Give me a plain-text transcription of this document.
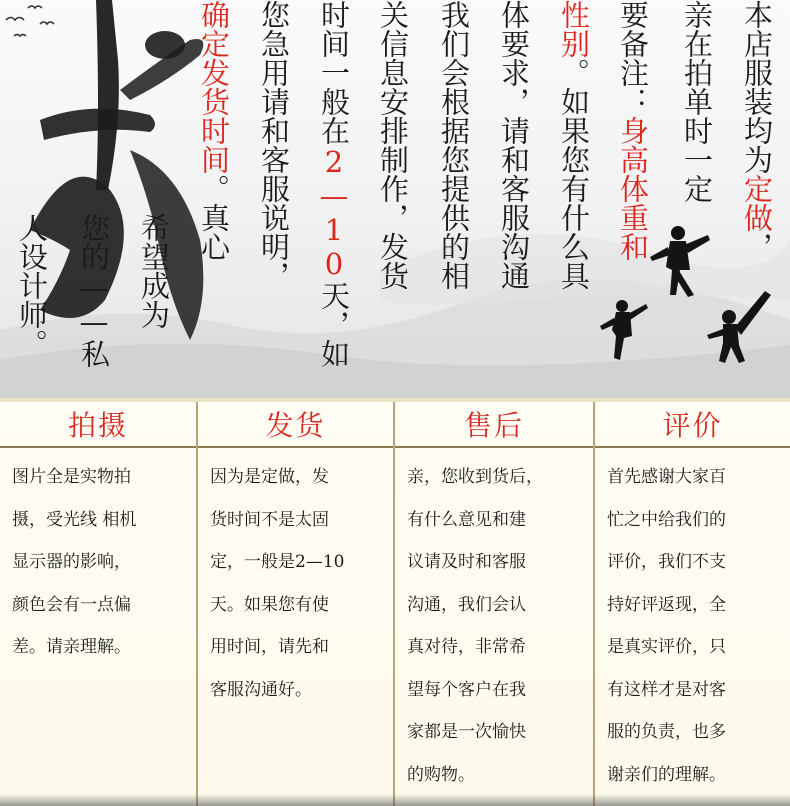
本店服装均为定做，
亲在拍单时一定
要备注：身高体重和
性别。如果您有什么具
体要求，请和客服沟通
我们会根据您提供的相
关信息安排制作，发货
时间一般在2—10天，如
您急用请和客服说明，
确定发货时间。真心
希望成为
您的——私
人设计师。
拍摄
图片全是实物拍
摄，受光线 相机
显示器的影响，
颜色会有一点偏
差。请亲理解。
发货
因为是定做，发
货时间不是太固
定，一般是2—10
天。如果您有使
用时间，请先和
客服沟通好。
售后
亲，您收到货后，
有什么意见和建
议请及时和客服
沟通，我们会认
真对待，非常希
望每个客户在我
家都是一次愉快
的购物。
评价
首先感谢大家百
忙之中给我们的
评价，我们不支
持好评返现，全
是真实评价，只
有这样才是对客
服的负责，也多
谢亲们的理解。
